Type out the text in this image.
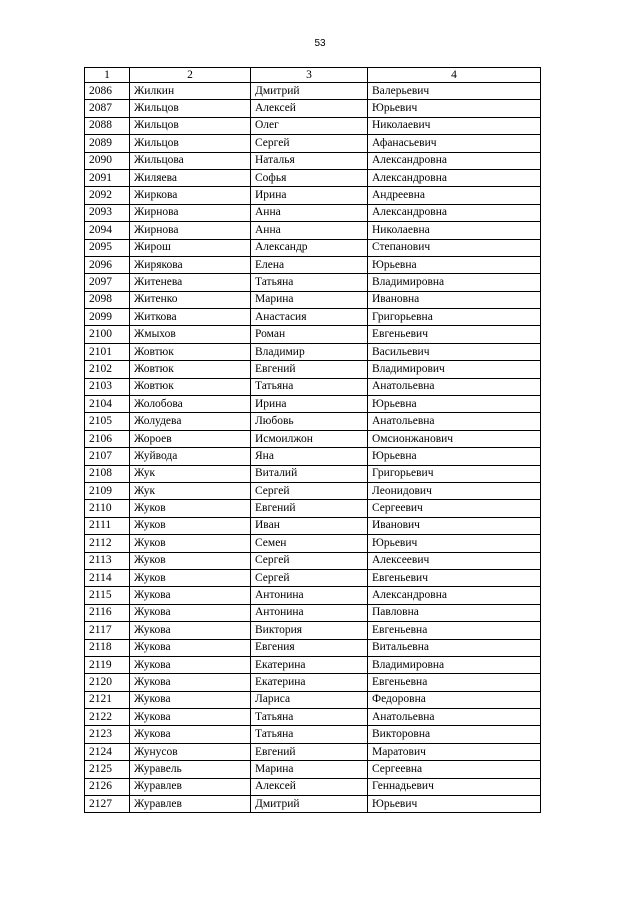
53
1	2	3	4
2086	Жилкин	Дмитрий	Валерьевич
2087	Жильцов	Алексей	Юрьевич
2088	Жильцов	Олег	Николаевич
2089	Жильцов	Сергей	Афанасьевич
2090	Жильцова	Наталья	Александровна
2091	Жиляева	Софья	Александровна
2092	Жиркова	Ирина	Андреевна
2093	Жирнова	Анна	Александровна
2094	Жирнова	Анна	Николаевна
2095	Жирош	Александр	Степанович
2096	Жирякова	Елена	Юрьевна
2097	Житенева	Татьяна	Владимировна
2098	Житенко	Марина	Ивановна
2099	Житкова	Анастасия	Григорьевна
2100	Жмыхов	Роман	Евгеньевич
2101	Жовтюк	Владимир	Васильевич
2102	Жовтюк	Евгений	Владимирович
2103	Жовтюк	Татьяна	Анатольевна
2104	Жолобова	Ирина	Юрьевна
2105	Жолудева	Любовь	Анатольевна
2106	Жороев	Исмоилжон	Омсионжанович
2107	Жуйвода	Яна	Юрьевна
2108	Жук	Виталий	Григорьевич
2109	Жук	Сергей	Леонидович
2110	Жуков	Евгений	Сергеевич
2111	Жуков	Иван	Иванович
2112	Жуков	Семен	Юрьевич
2113	Жуков	Сергей	Алексеевич
2114	Жуков	Сергей	Евгеньевич
2115	Жукова	Антонина	Александровна
2116	Жукова	Антонина	Павловна
2117	Жукова	Виктория	Евгеньевна
2118	Жукова	Евгения	Витальевна
2119	Жукова	Екатерина	Владимировна
2120	Жукова	Екатерина	Евгеньевна
2121	Жукова	Лариса	Федоровна
2122	Жукова	Татьяна	Анатольевна
2123	Жукова	Татьяна	Викторовна
2124	Жунусов	Евгений	Маратович
2125	Журавель	Марина	Сергеевна
2126	Журавлев	Алексей	Геннадьевич
2127	Журавлев	Дмитрий	Юрьевич
